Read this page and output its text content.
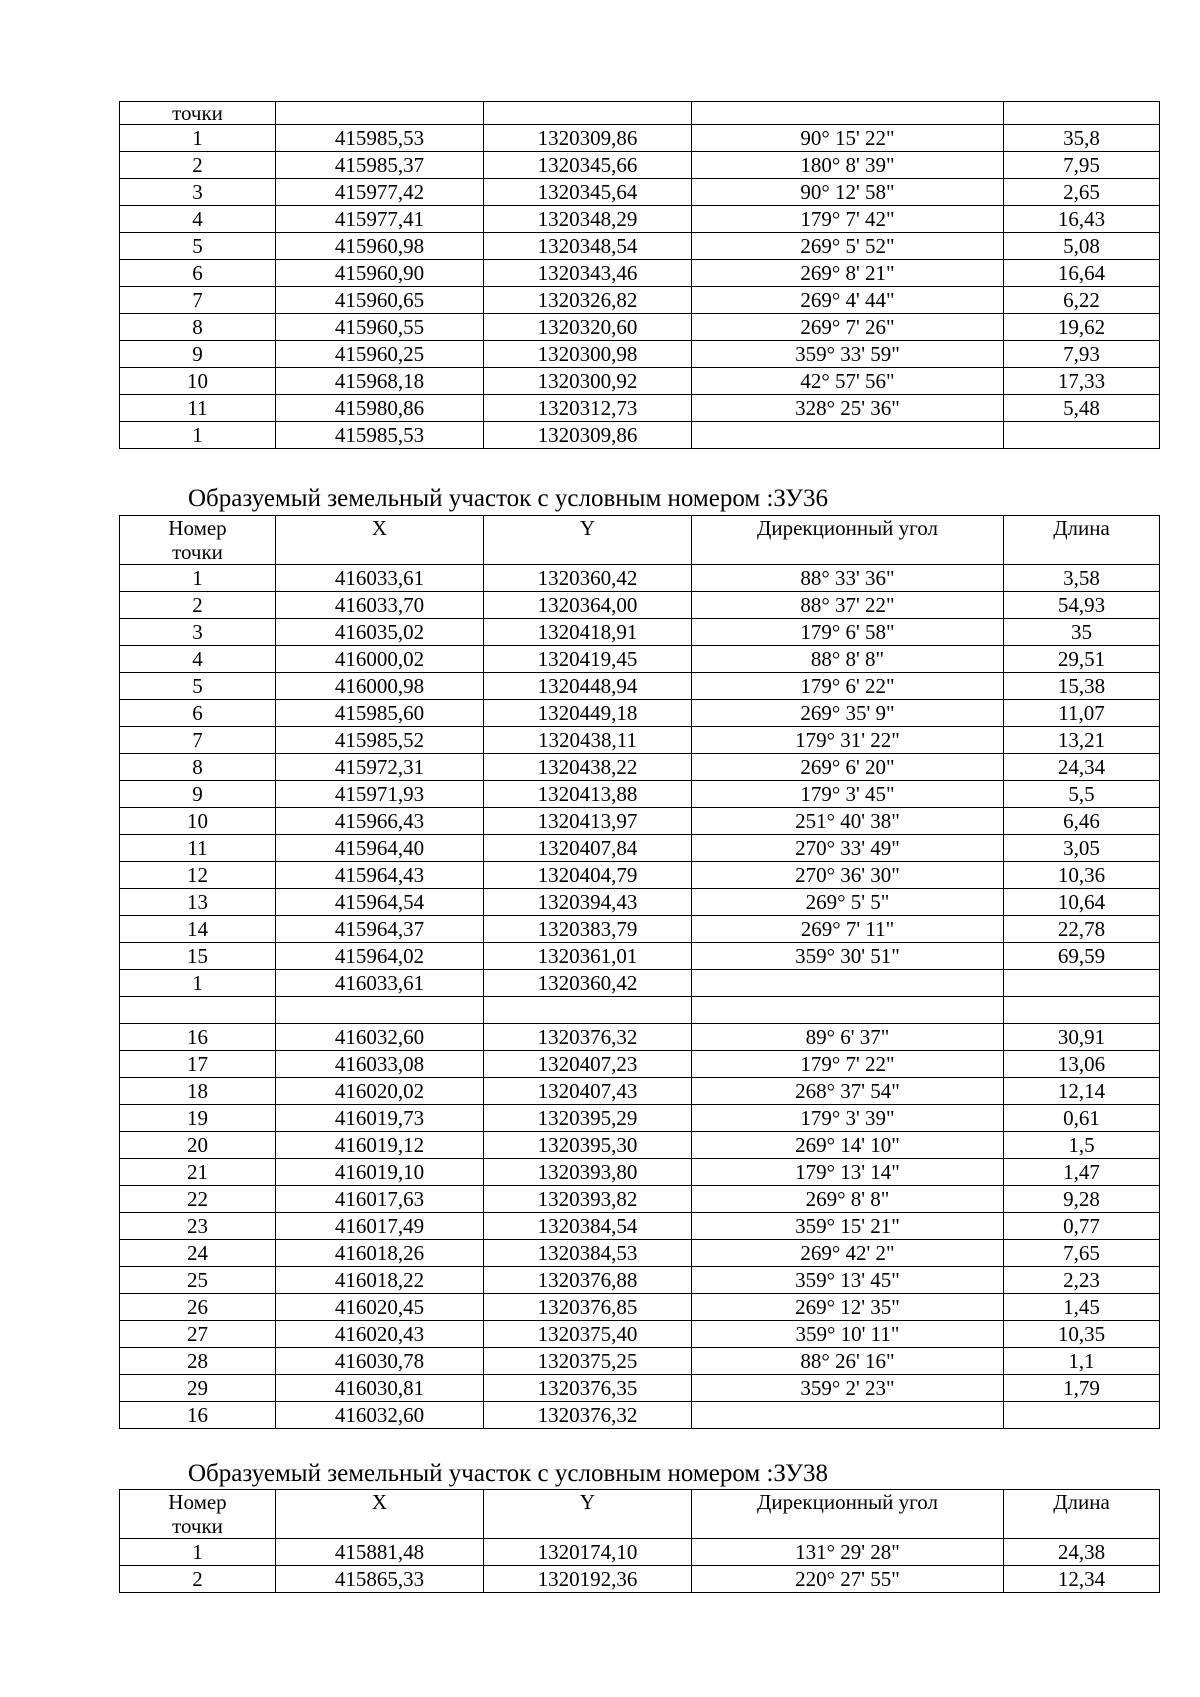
точки				
1	415985,53	1320309,86	90° 15' 22"	35,8
2	415985,37	1320345,66	180° 8' 39"	7,95
3	415977,42	1320345,64	90° 12' 58"	2,65
4	415977,41	1320348,29	179° 7' 42"	16,43
5	415960,98	1320348,54	269° 5' 52"	5,08
6	415960,90	1320343,46	269° 8' 21"	16,64
7	415960,65	1320326,82	269° 4' 44"	6,22
8	415960,55	1320320,60	269° 7' 26"	19,62
9	415960,25	1320300,98	359° 33' 59"	7,93
10	415968,18	1320300,92	42° 57' 56"	17,33
11	415980,86	1320312,73	328° 25' 36"	5,48
1	415985,53	1320309,86		
Образуемый земельный участок с условным номером :ЗУ36
Номер
точки	X	Y	Дирекционный угол	Длина
1	416033,61	1320360,42	88° 33' 36"	3,58
2	416033,70	1320364,00	88° 37' 22"	54,93
3	416035,02	1320418,91	179° 6' 58"	35
4	416000,02	1320419,45	88° 8' 8"	29,51
5	416000,98	1320448,94	179° 6' 22"	15,38
6	415985,60	1320449,18	269° 35' 9"	11,07
7	415985,52	1320438,11	179° 31' 22"	13,21
8	415972,31	1320438,22	269° 6' 20"	24,34
9	415971,93	1320413,88	179° 3' 45"	5,5
10	415966,43	1320413,97	251° 40' 38"	6,46
11	415964,40	1320407,84	270° 33' 49"	3,05
12	415964,43	1320404,79	270° 36' 30"	10,36
13	415964,54	1320394,43	269° 5' 5"	10,64
14	415964,37	1320383,79	269° 7' 11"	22,78
15	415964,02	1320361,01	359° 30' 51"	69,59
1	416033,61	1320360,42		

16	416032,60	1320376,32	89° 6' 37"	30,91
17	416033,08	1320407,23	179° 7' 22"	13,06
18	416020,02	1320407,43	268° 37' 54"	12,14
19	416019,73	1320395,29	179° 3' 39"	0,61
20	416019,12	1320395,30	269° 14' 10"	1,5
21	416019,10	1320393,80	179° 13' 14"	1,47
22	416017,63	1320393,82	269° 8' 8"	9,28
23	416017,49	1320384,54	359° 15' 21"	0,77
24	416018,26	1320384,53	269° 42' 2"	7,65
25	416018,22	1320376,88	359° 13' 45"	2,23
26	416020,45	1320376,85	269° 12' 35"	1,45
27	416020,43	1320375,40	359° 10' 11"	10,35
28	416030,78	1320375,25	88° 26' 16"	1,1
29	416030,81	1320376,35	359° 2' 23"	1,79
16	416032,60	1320376,32		
Образуемый земельный участок с условным номером :ЗУ38
Номер
точки	X	Y	Дирекционный угол	Длина
1	415881,48	1320174,10	131° 29' 28"	24,38
2	415865,33	1320192,36	220° 27' 55"	12,34
